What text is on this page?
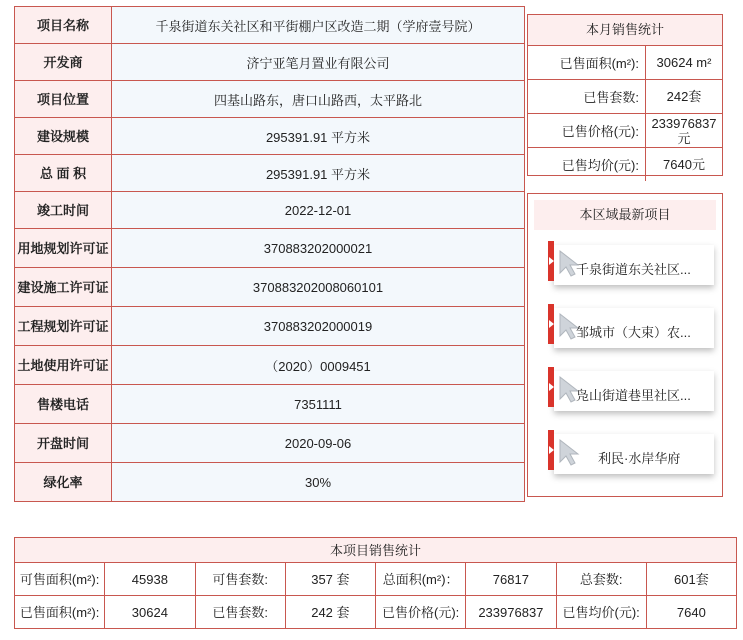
项目名称	千泉街道东关社区和平街棚户区改造二期（学府壹号院）
开发商	济宁亚笔月置业有限公司
项目位置	四基山路东，唐口山路西，太平路北
建设规模	295391.91 平方米
总 面 积	295391.91 平方米
竣工时间	2022-12-01
用地规划许可证	370883202000021
建设施工许可证	370883202008060101
工程规划许可证	370883202000019
土地使用许可证	（2020）0009451
售楼电话	7351111
开盘时间	2020-09-06
绿化率	30%
本月销售统计
已售面积(m²):	30624 m²
已售套数:	242套
已售价格(元):	233976837元
已售均价(元):	7640元
本区域最新项目
千泉街道东关社区...
邹城市（大束）农...
凫山街道巷里社区...
利民·水岸华府
本项目销售统计							
可售面积(m²):	45938	可售套数:	357 套	总面积(m²)：	76817	总套数:	601套
已售面积(m²):	30624	已售套数:	242 套	已售价格(元):	233976837	已售均价(元):	7640
